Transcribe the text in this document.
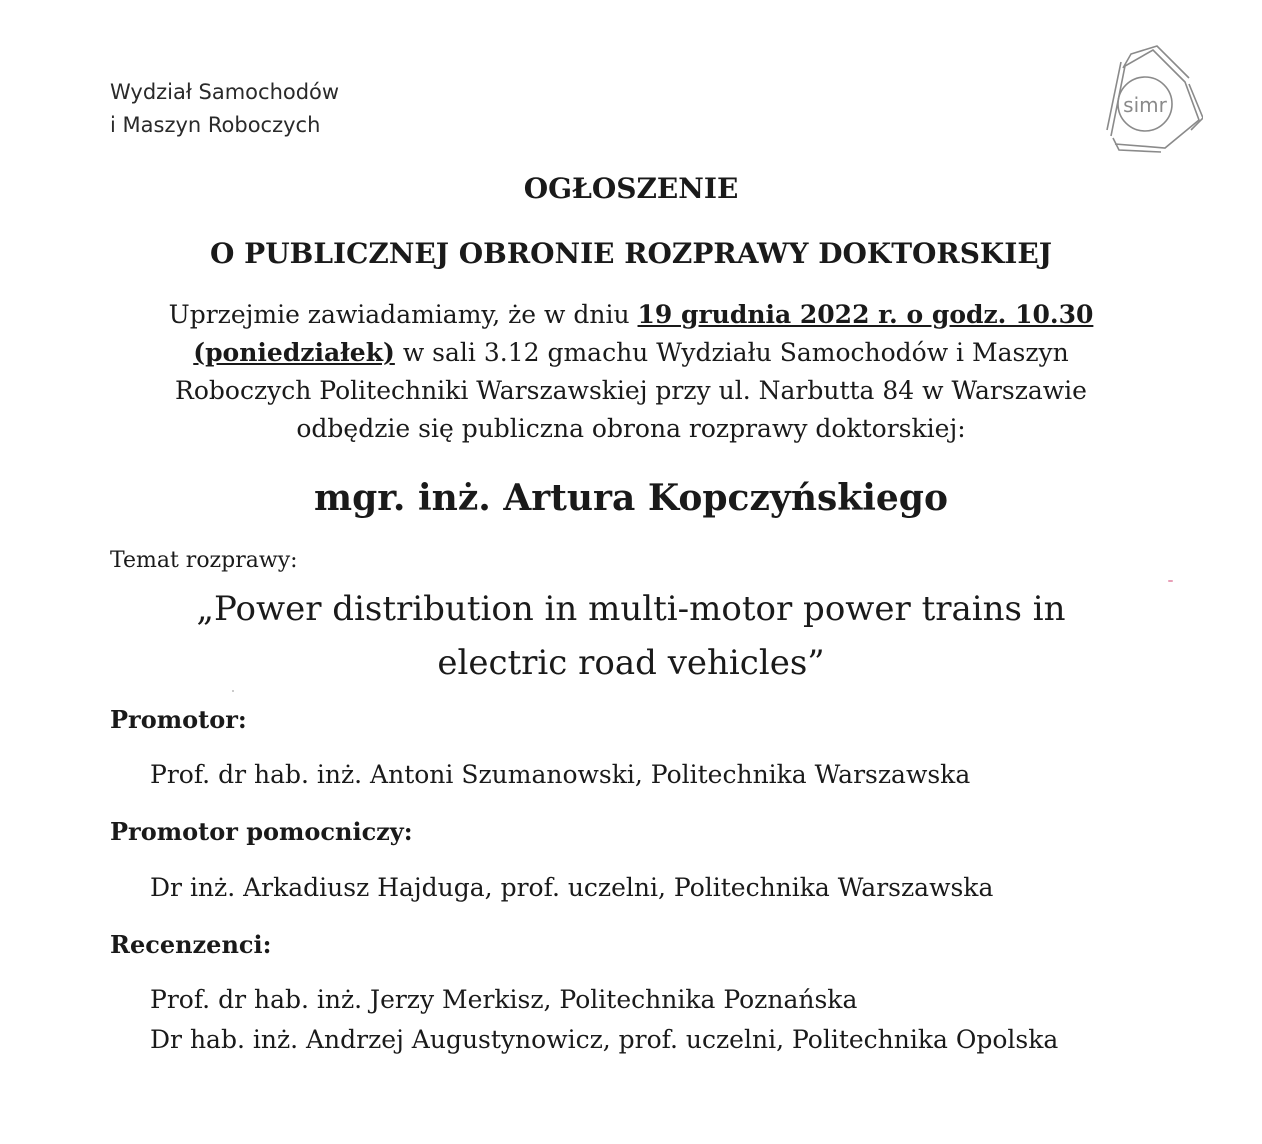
Wydział Samochodów
i Maszyn Roboczych
simr
OGŁOSZENIE
O PUBLICZNEJ OBRONIE ROZPRAWY DOKTORSKIEJ
Uprzejmie zawiadamiamy, że w dniu 19 grudnia 2022 r. o godz. 10.30
(poniedziałek) w sali 3.12 gmachu Wydziału Samochodów i Maszyn
Roboczych Politechniki Warszawskiej przy ul. Narbutta 84 w Warszawie
odbędzie się publiczna obrona rozprawy doktorskiej:
mgr. inż. Artura Kopczyńskiego
Temat rozprawy:
„Power distribution in multi-motor power trains in
electric road vehicles”
Promotor:
Prof. dr hab. inż. Antoni Szumanowski, Politechnika Warszawska
Promotor pomocniczy:
Dr inż. Arkadiusz Hajduga, prof. uczelni, Politechnika Warszawska
Recenzenci:
Prof. dr hab. inż. Jerzy Merkisz, Politechnika Poznańska
Dr hab. inż. Andrzej Augustynowicz, prof. uczelni, Politechnika Opolska
